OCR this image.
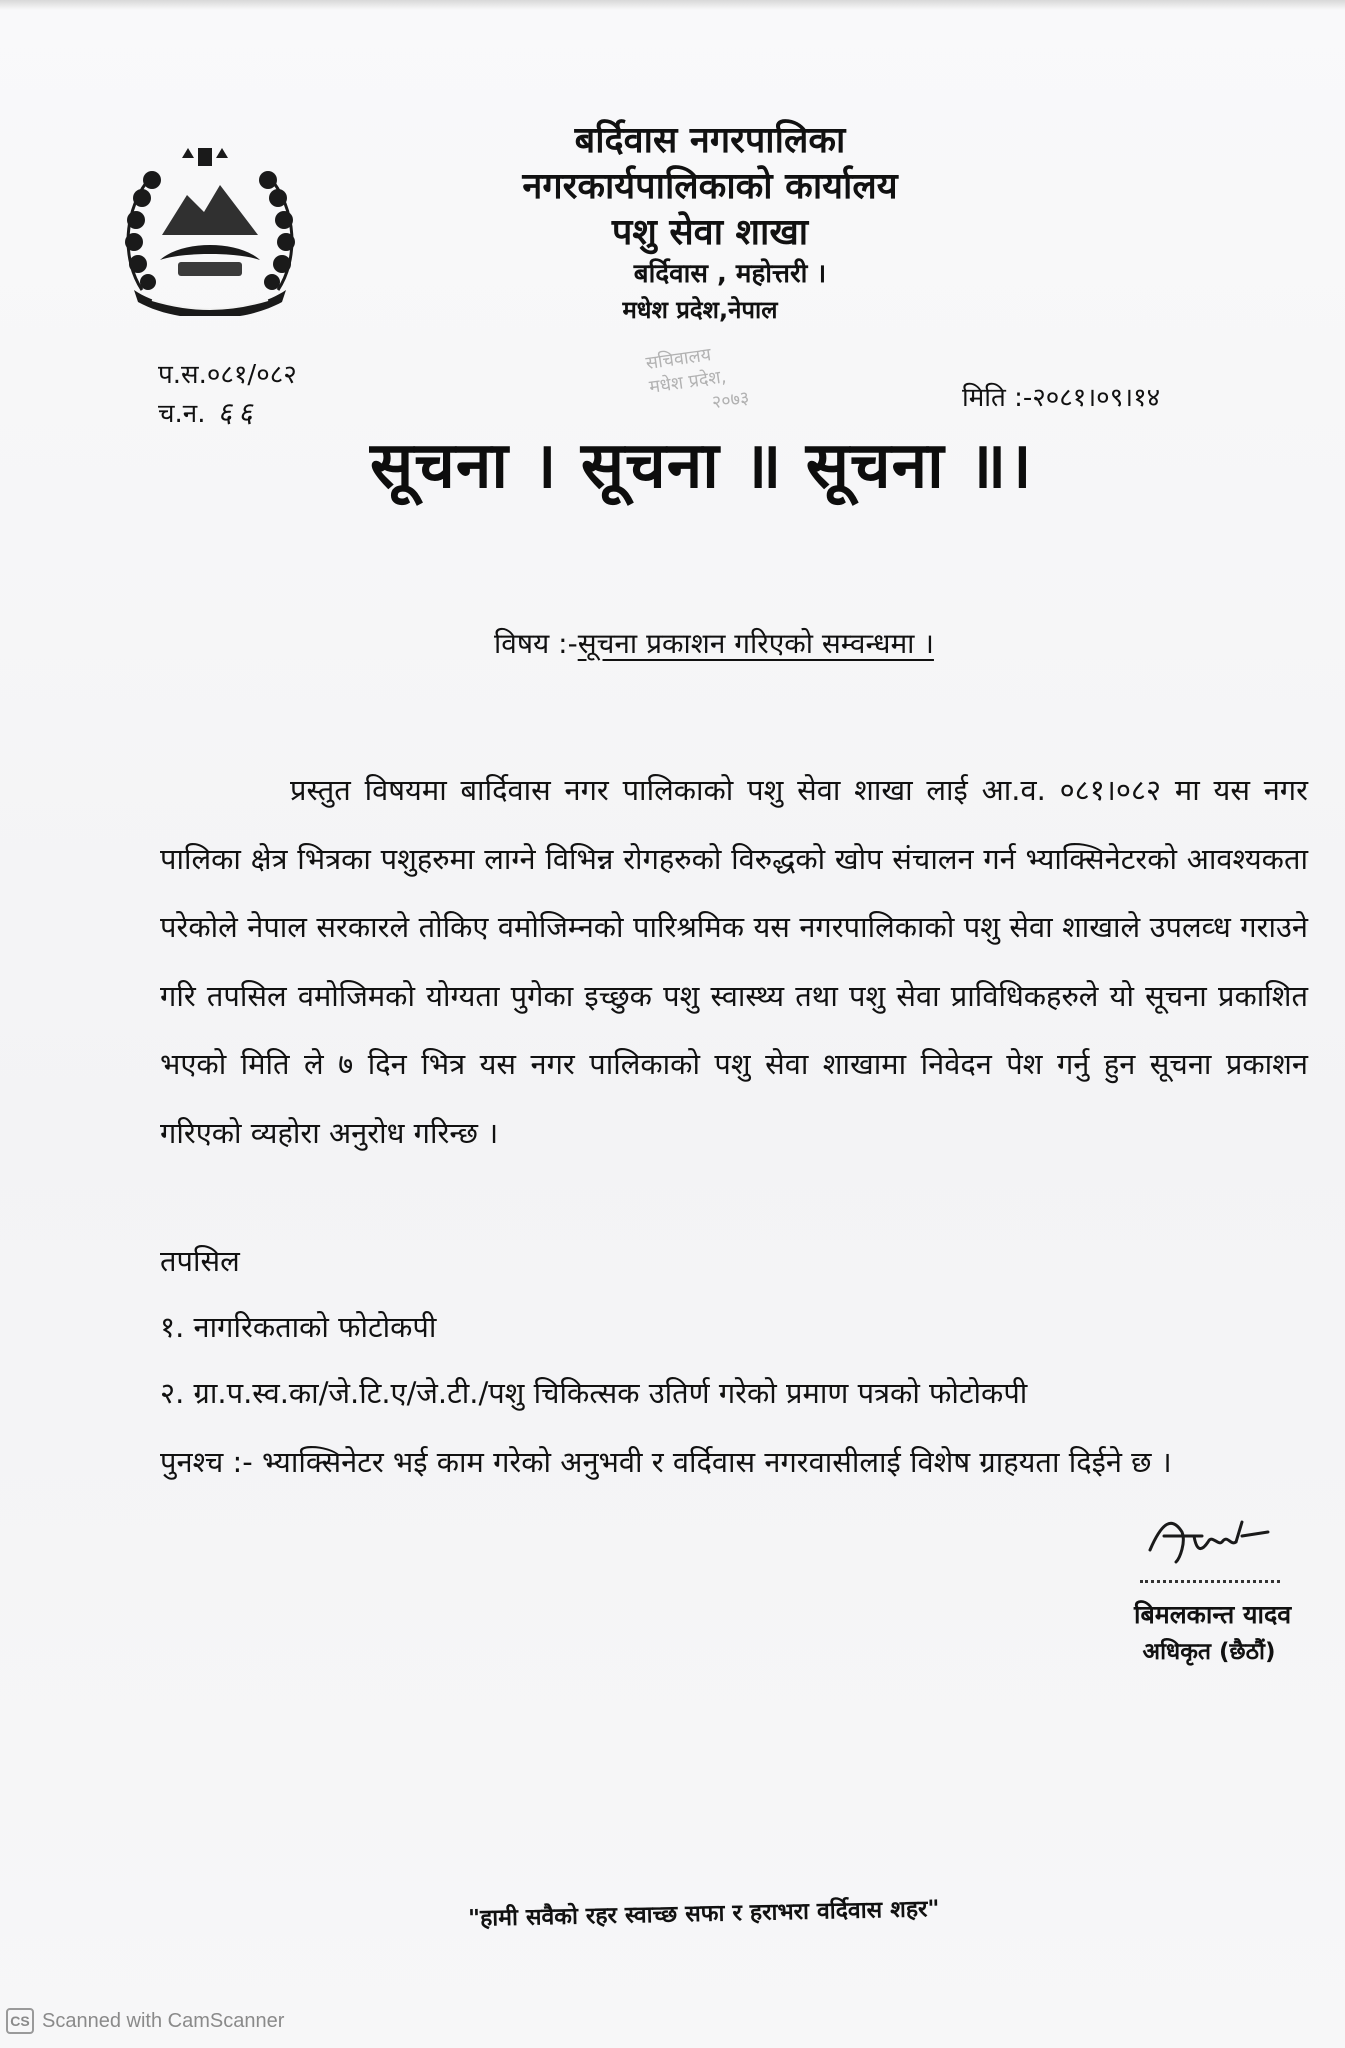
बर्दिवास नगरपालिका
नगरकार्यपालिकाको कार्यालय
पशु सेवा शाखा
बर्दिवास , महोत्तरी ।
मधेश प्रदेश,नेपाल
सचिवालय
मधेश प्रदेश,
२०७३
प.स.०८१/०८२
च.न. ६६	मिति :-२०८१।०९।१४
सूचना । सूचना ॥ सूचना ॥।
विषय :-सूचना प्रकाशन गरिएको सम्वन्धमा ।
प्रस्तुत विषयमा बार्दिवास नगर पालिकाको पशु सेवा शाखा लाई आ.व. ०८१।०८२ मा यस नगर पालिका क्षेत्र भित्रका पशुहरुमा लाग्ने विभिन्न रोगहरुको विरुद्धको खोप संचालन गर्न भ्याक्सिनेटरको आवश्यकता परेकोले नेपाल सरकारले तोकिए वमोजिम्नको पारिश्रमिक यस नगरपालिकाको पशु सेवा शाखाले उपलव्ध गराउने गरि तपसिल वमोजिमको योग्यता पुगेका इच्छुक पशु स्वास्थ्य तथा पशु सेवा प्राविधिकहरुले यो सूचना प्रकाशित भएको मिति ले ७ दिन भित्र यस नगर पालिकाको पशु सेवा शाखामा निवेदन पेश गर्नु हुन सूचना प्रकाशन गरिएको व्यहोरा अनुरोध गरिन्छ ।
तपसिल
१. नागरिकताको फोटोकपी
२. ग्रा.प.स्व.का/जे.टि.ए/जे.टी./पशु चिकित्सक उतिर्ण गरेको प्रमाण पत्रको फोटोकपी
पुनश्च :- भ्याक्सिनेटर भई काम गरेको अनुभवी र वर्दिवास नगरवासीलाई विशेष ग्राहयता दिईने छ ।
बिमलकान्त यादव
अधिकृत (छैठौं)
"हामी सवैको रहर स्वाच्छ सफा र हराभरा वर्दिवास शहर"
CS Scanned with CamScanner
